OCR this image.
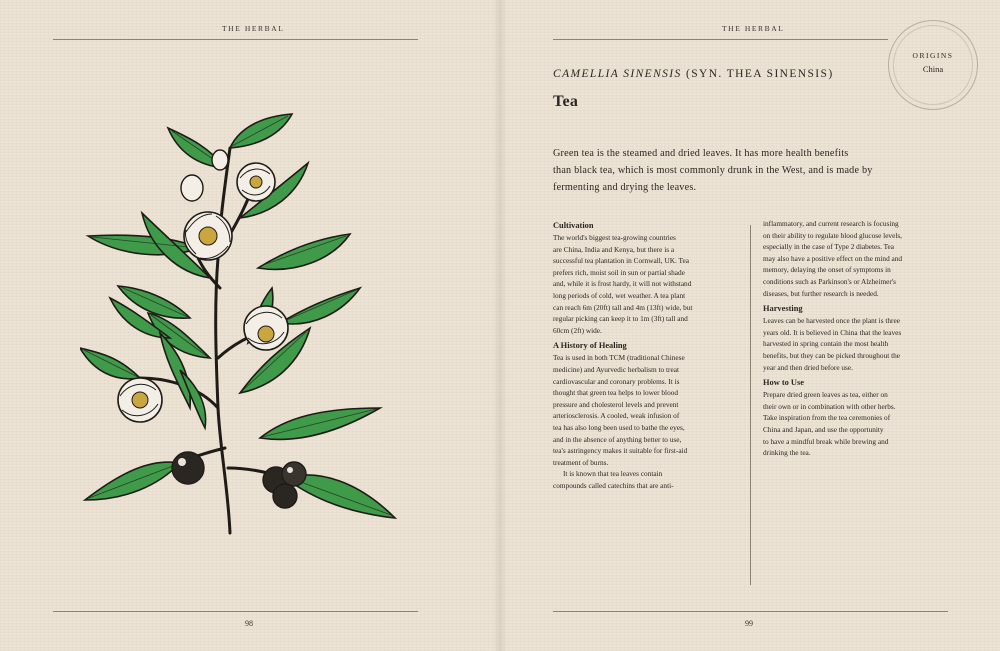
THE HERBAL
98
THE HERBAL
ORIGINS
China
CAMELLIA SINENSIS (SYN. THEA SINENSIS)
Tea
Green tea is the steamed and dried leaves. It has more health benefits
than black tea, which is most commonly drunk in the West, and is made by
fermenting and drying the leaves.
Cultivation
The world's biggest tea-growing countries
are China, India and Kenya, but there is a
successful tea plantation in Cornwall, UK. Tea
prefers rich, moist soil in sun or partial shade
and, while it is frost hardy, it will not withstand
long periods of cold, wet weather. A tea plant
can reach 6m (20ft) tall and 4m (13ft) wide, but
regular picking can keep it to 1m (3ft) tall and
60cm (2ft) wide.
A History of Healing
Tea is used in both TCM (traditional Chinese
medicine) and Ayurvedic herbalism to treat
cardiovascular and coronary problems. It is
thought that green tea helps to lower blood
pressure and cholesterol levels and prevent
arteriosclerosis. A cooled, weak infusion of
tea has also long been used to bathe the eyes,
and in the absence of anything better to use,
tea's astringency makes it suitable for first-aid
treatment of burns.
It is known that tea leaves contain
compounds called catechins that are anti-
inflammatory, and current research is focusing
on their ability to regulate blood glucose levels,
especially in the case of Type 2 diabetes. Tea
may also have a positive effect on the mind and
memory, delaying the onset of symptoms in
conditions such as Parkinson's or Alzheimer's
diseases, but further research is needed.
Harvesting
Leaves can be harvested once the plant is three
years old. It is believed in China that the leaves
harvested in spring contain the most health
benefits, but they can be picked throughout the
year and then dried before use.
How to Use
Prepare dried green leaves as tea, either on
their own or in combination with other herbs.
Take inspiration from the tea ceremonies of
China and Japan, and use the opportunity
to have a mindful break while brewing and
drinking the tea.
99
